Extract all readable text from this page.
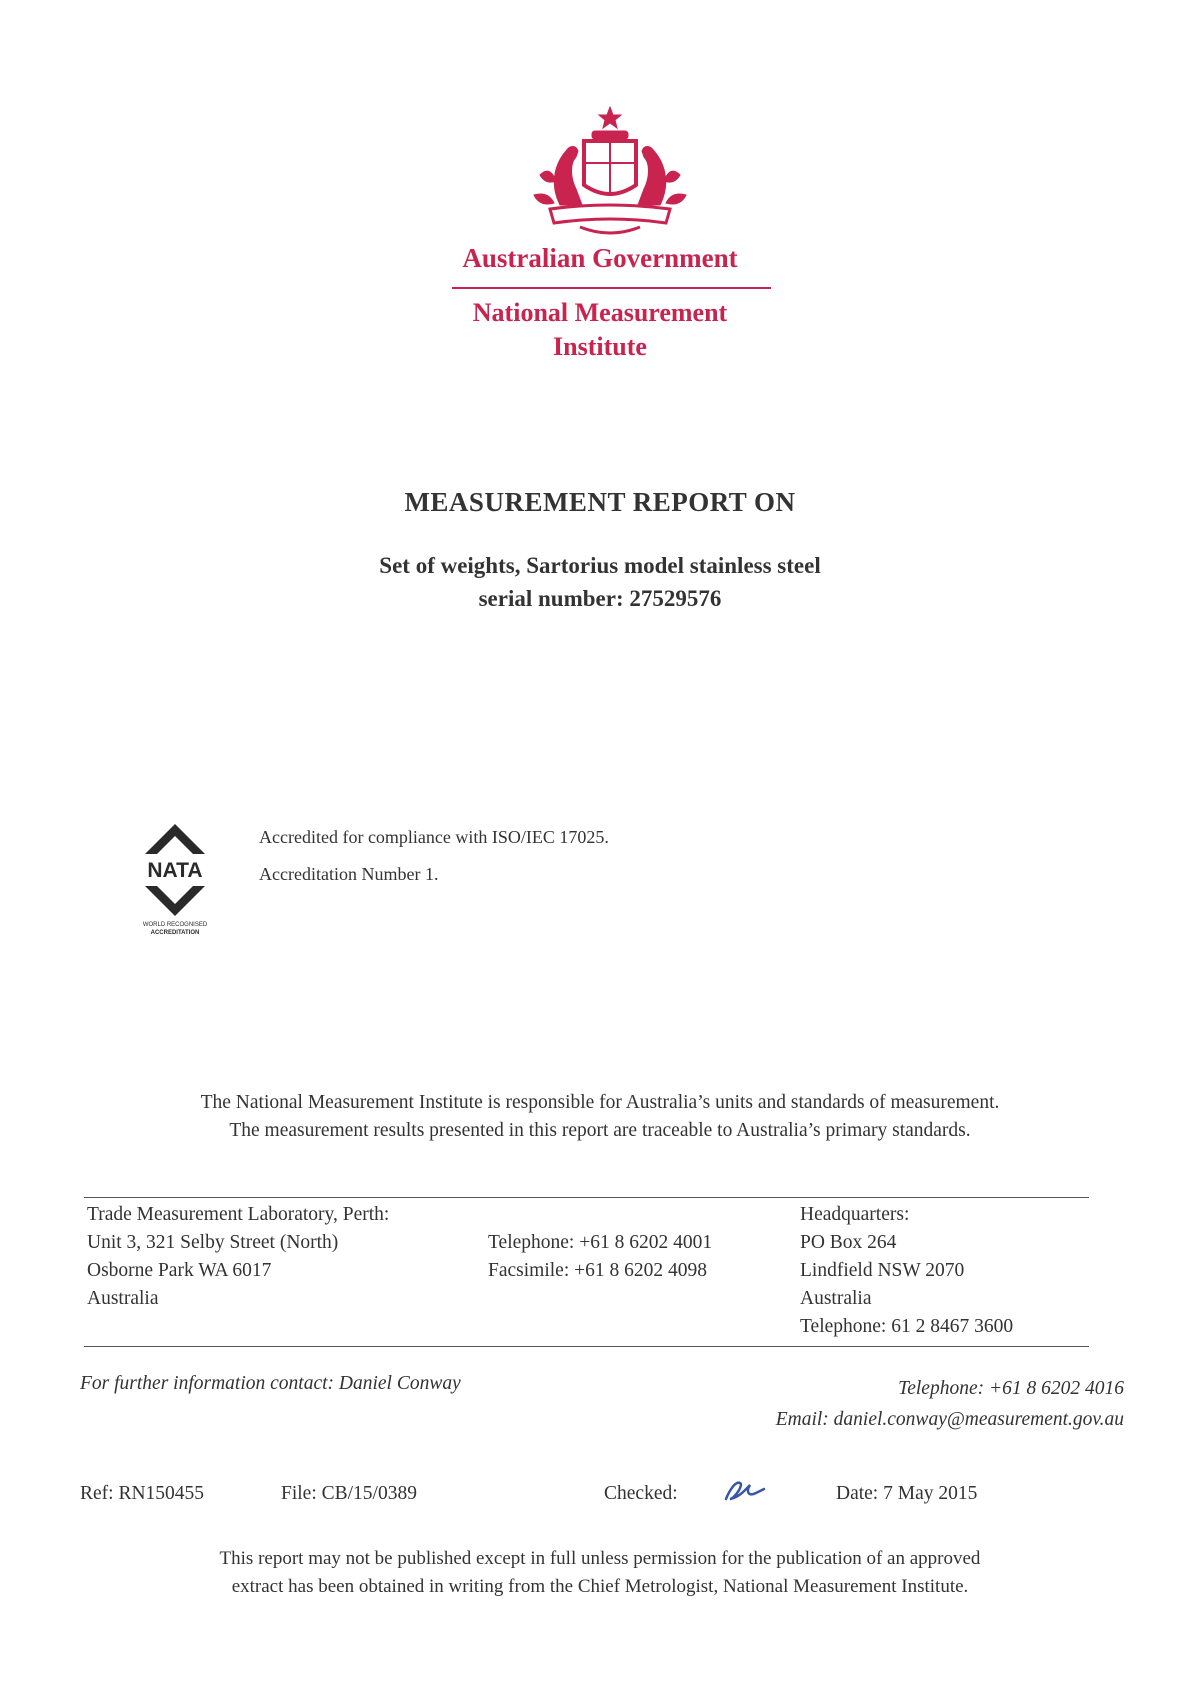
Australian Government
National Measurement
Institute
MEASUREMENT REPORT ON
Set of weights, Sartorius model stainless steel
serial number: 27529576
NATA
WORLD RECOGNISED
ACCREDITATION
Accredited for compliance with ISO/IEC 17025.
Accreditation Number 1.
The National Measurement Institute is responsible for Australia’s units and standards of measurement.
The measurement results presented in this report are traceable to Australia’s primary standards.
Trade Measurement Laboratory, Perth:
Unit 3, 321 Selby Street (North)
Osborne Park WA 6017
Australia
Telephone: +61 8 6202 4001
Facsimile: +61 8 6202 4098
Headquarters:
PO Box 264
Lindfield NSW 2070
Australia
Telephone: 61 2 8467 3600
For further information contact: Daniel Conway	Telephone: +61 8 6202 4016
Email: daniel.conway@measurement.gov.au
Ref: RN150455	File: CB/15/0389	Checked:	Date: 7 May 2015
This report may not be published except in full unless permission for the publication of an approved
extract has been obtained in writing from the Chief Metrologist, National Measurement Institute.
